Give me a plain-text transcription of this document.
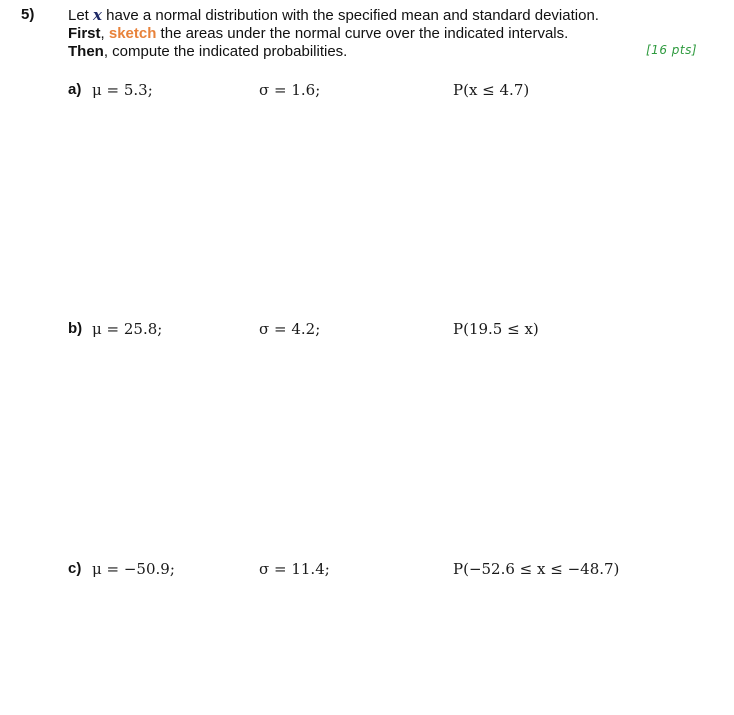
5) Let x have a normal distribution with the specified mean and standard deviation.
First, sketch the areas under the normal curve over the indicated intervals.
Then, compute the indicated probabilities.	[16 pts]
a) μ = 5.3;	σ = 1.6;	P(x ≤ 4.7)
b) μ = 25.8;	σ = 4.2;	P(19.5 ≤ x)
c) μ = −50.9;	σ = 11.4;	P(−52.6 ≤ x ≤ −48.7)
